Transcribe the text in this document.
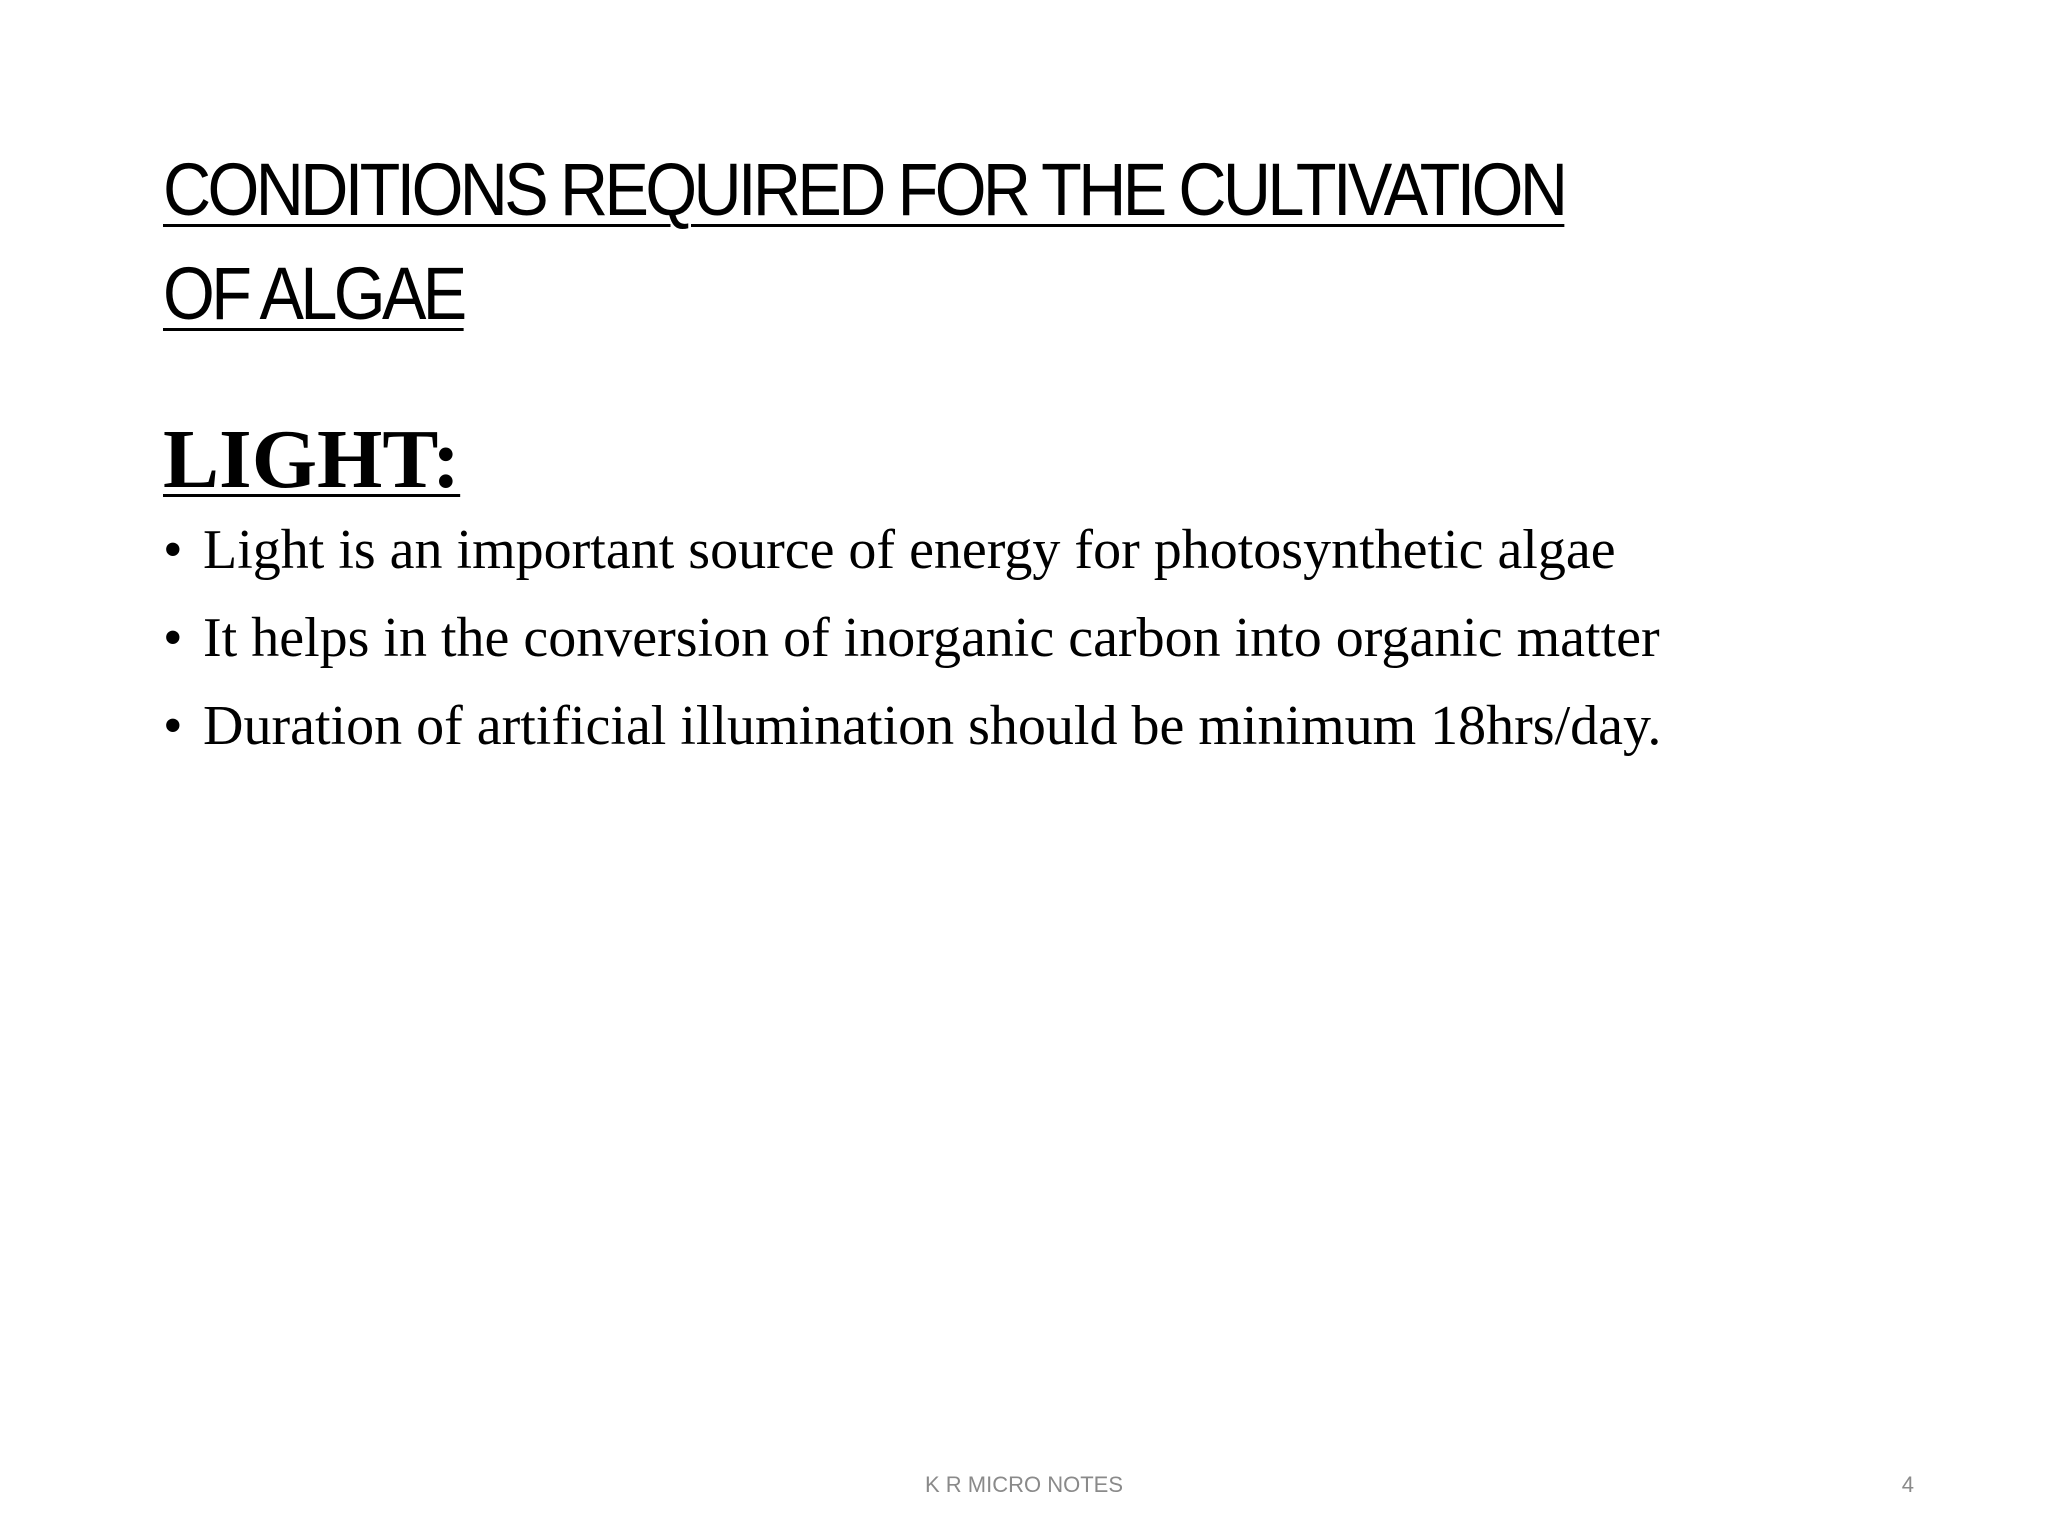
CONDITIONS REQUIRED FOR THE CULTIVATION OF ALGAE
LIGHT:
• Light is an important source of energy for photosynthetic algae
• It helps in the conversion of inorganic carbon into organic matter
• Duration of artificial illumination should be minimum 18hrs/day.
K R MICRO NOTES	4
